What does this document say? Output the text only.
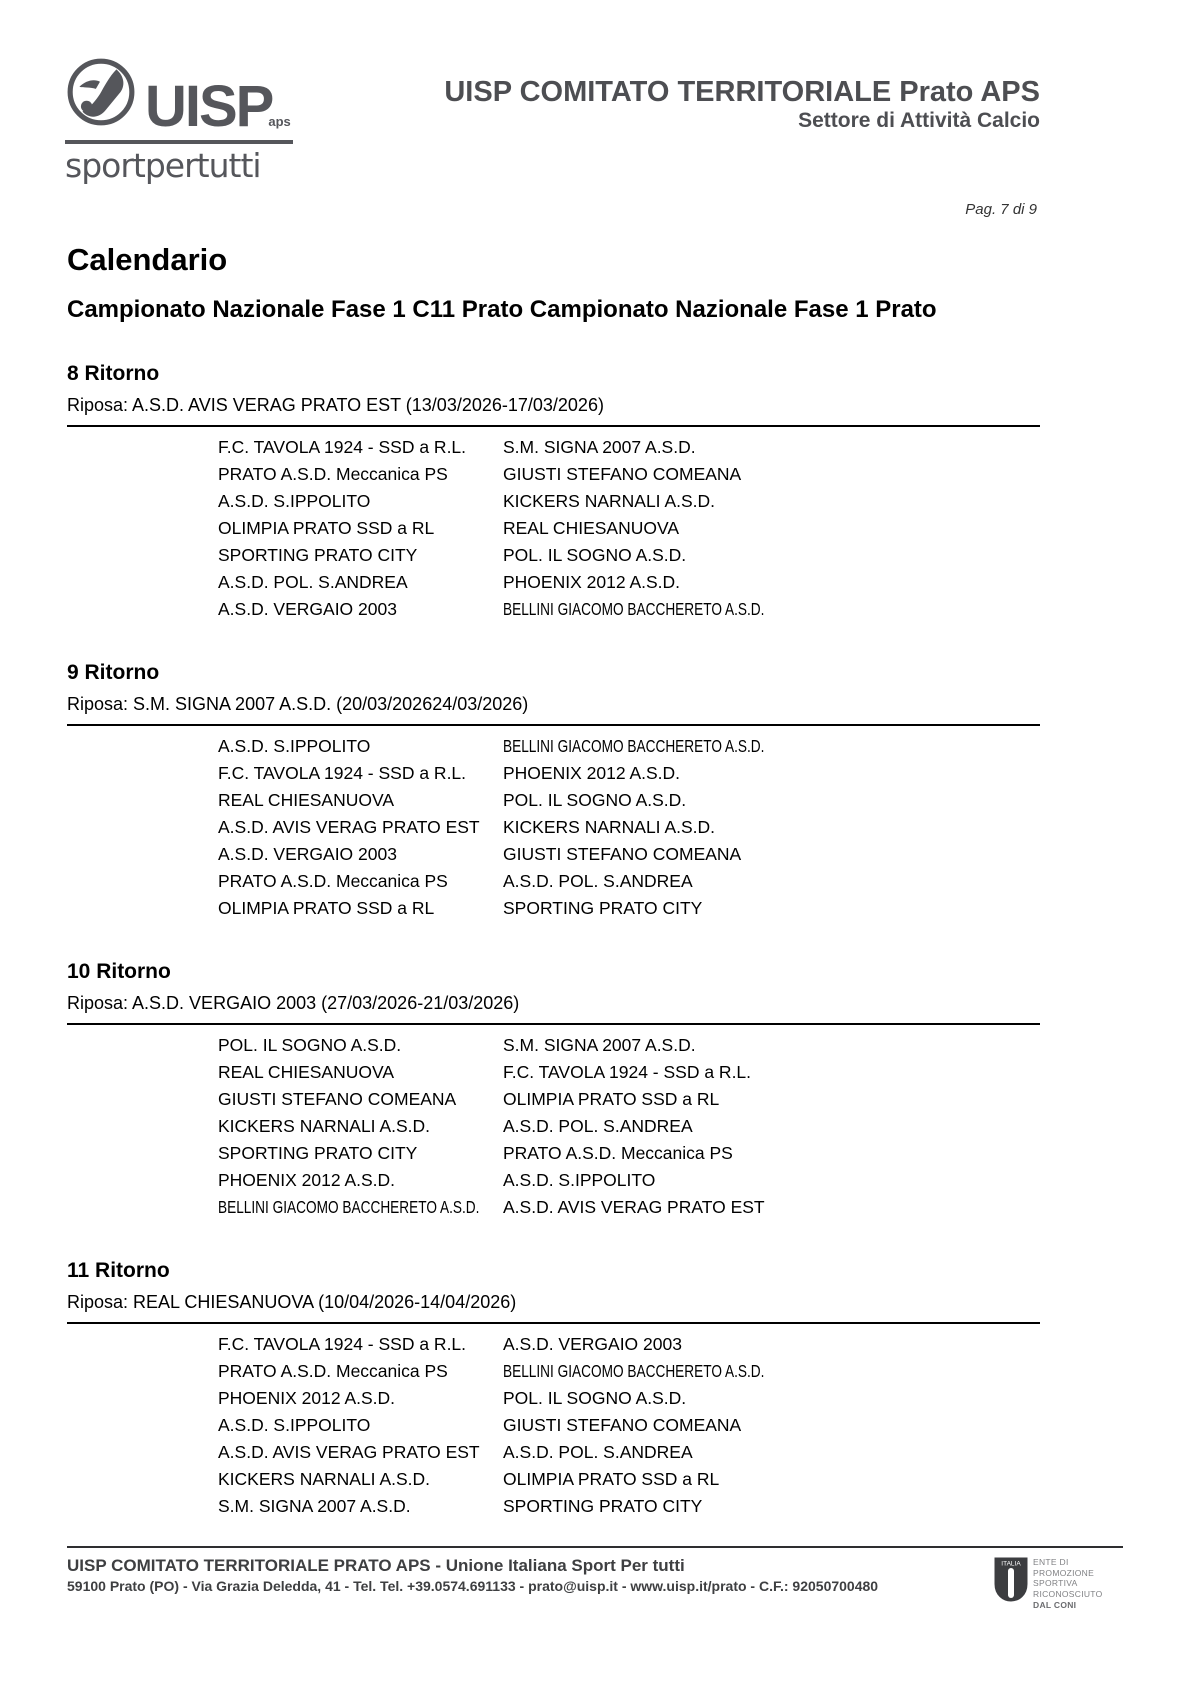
UISPaps
sportpertutti
UISP COMITATO TERRITORIALE Prato APS
Settore di Attività Calcio
Pag. 7 di 9
Calendario
Campionato Nazionale Fase 1 C11 Prato Campionato Nazionale Fase 1 Prato
8 Ritorno

Riposa: A.S.D. AVIS VERAG PRATO EST (13/03/2026-17/03/2026)

F.C. TAVOLA 1924 - SSD a R.L.	S.M. SIGNA 2007 A.S.D.
PRATO A.S.D. Meccanica PS	GIUSTI STEFANO COMEANA
A.S.D. S.IPPOLITO	KICKERS NARNALI A.S.D.
OLIMPIA PRATO SSD a RL	REAL CHIESANUOVA
SPORTING PRATO CITY	POL. IL SOGNO A.S.D.
A.S.D. POL. S.ANDREA	PHOENIX 2012 A.S.D.
A.S.D. VERGAIO 2003	BELLINI GIACOMO BACCHERETO A.S.D.
9 Ritorno

Riposa: S.M. SIGNA 2007 A.S.D. (20/03/202624/03/2026)

A.S.D. S.IPPOLITO	BELLINI GIACOMO BACCHERETO A.S.D.
F.C. TAVOLA 1924 - SSD a R.L.	PHOENIX 2012 A.S.D.
REAL CHIESANUOVA	POL. IL SOGNO A.S.D.
A.S.D. AVIS VERAG PRATO EST	KICKERS NARNALI A.S.D.
A.S.D. VERGAIO 2003	GIUSTI STEFANO COMEANA
PRATO A.S.D. Meccanica PS	A.S.D. POL. S.ANDREA
OLIMPIA PRATO SSD a RL	SPORTING PRATO CITY
10 Ritorno

Riposa: A.S.D. VERGAIO 2003 (27/03/2026-21/03/2026)

POL. IL SOGNO A.S.D.	S.M. SIGNA 2007 A.S.D.
REAL CHIESANUOVA	F.C. TAVOLA 1924 - SSD a R.L.
GIUSTI STEFANO COMEANA	OLIMPIA PRATO SSD a RL
KICKERS NARNALI A.S.D.	A.S.D. POL. S.ANDREA
SPORTING PRATO CITY	PRATO A.S.D. Meccanica PS
PHOENIX 2012 A.S.D.	A.S.D. S.IPPOLITO
BELLINI GIACOMO BACCHERETO A.S.D.	A.S.D. AVIS VERAG PRATO EST
11 Ritorno

Riposa: REAL CHIESANUOVA (10/04/2026-14/04/2026)

F.C. TAVOLA 1924 - SSD a R.L.	A.S.D. VERGAIO 2003
PRATO A.S.D. Meccanica PS	BELLINI GIACOMO BACCHERETO A.S.D.
PHOENIX 2012 A.S.D.	POL. IL SOGNO A.S.D.
A.S.D. S.IPPOLITO	GIUSTI STEFANO COMEANA
A.S.D. AVIS VERAG PRATO EST	A.S.D. POL. S.ANDREA
KICKERS NARNALI A.S.D.	OLIMPIA PRATO SSD a RL
S.M. SIGNA 2007 A.S.D.	SPORTING PRATO CITY
UISP COMITATO TERRITORIALE PRATO APS - Unione Italiana Sport Per tutti
59100 Prato (PO) - Via Grazia Deledda, 41 - Tel. Tel. +39.0574.691133 - prato@uisp.it - www.uisp.it/prato - C.F.: 92050700480
ITALIA ENTE DI PROMOZIONE
SPORTIVA
RICONOSCIUTO
DAL CONI
